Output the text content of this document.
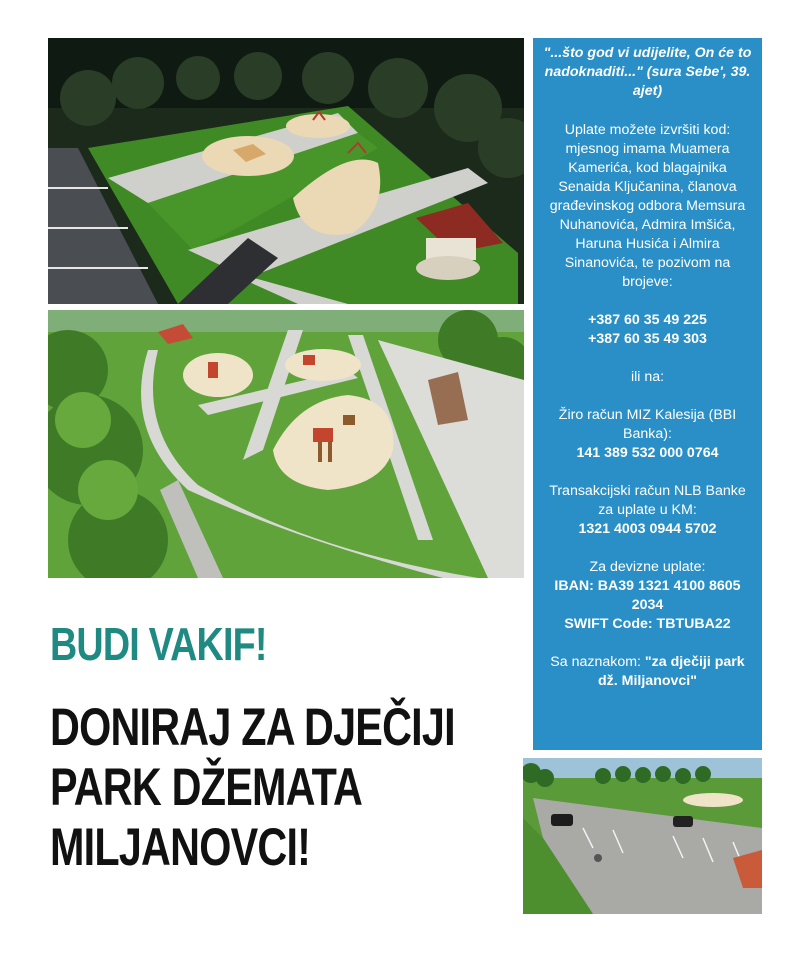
"...što god vi udijelite, On će to nadoknaditi..." (sura Sebe', 39. ajet)

Uplate možete izvršiti kod: mjesnog imama Muamera Kamerića, kod blagajnika Senaida Ključanina, članova građevinskog odbora Memsura Nuhanovića, Admira Imšića, Haruna Husića i Almira Sinanovića, te pozivom na brojeve:

+387 60 35 49 225

+387 60 35 49 303

ili na:

Žiro račun MIZ Kalesija (BBI Banka):

141 389 532 000 0764

Transakcijski račun NLB Banke za uplate u KM:

1321 4003 0944 5702

Za devizne uplate:

IBAN: BA39 1321 4100 8605 2034

SWIFT Code: TBTUBA22

Sa naznakom: "za dječiji park dž. Miljanovci"

BUDI VAKIF!
DONIRAJ ZA DJEČIJI
PARK DŽEMATA
MILJANOVCI!
